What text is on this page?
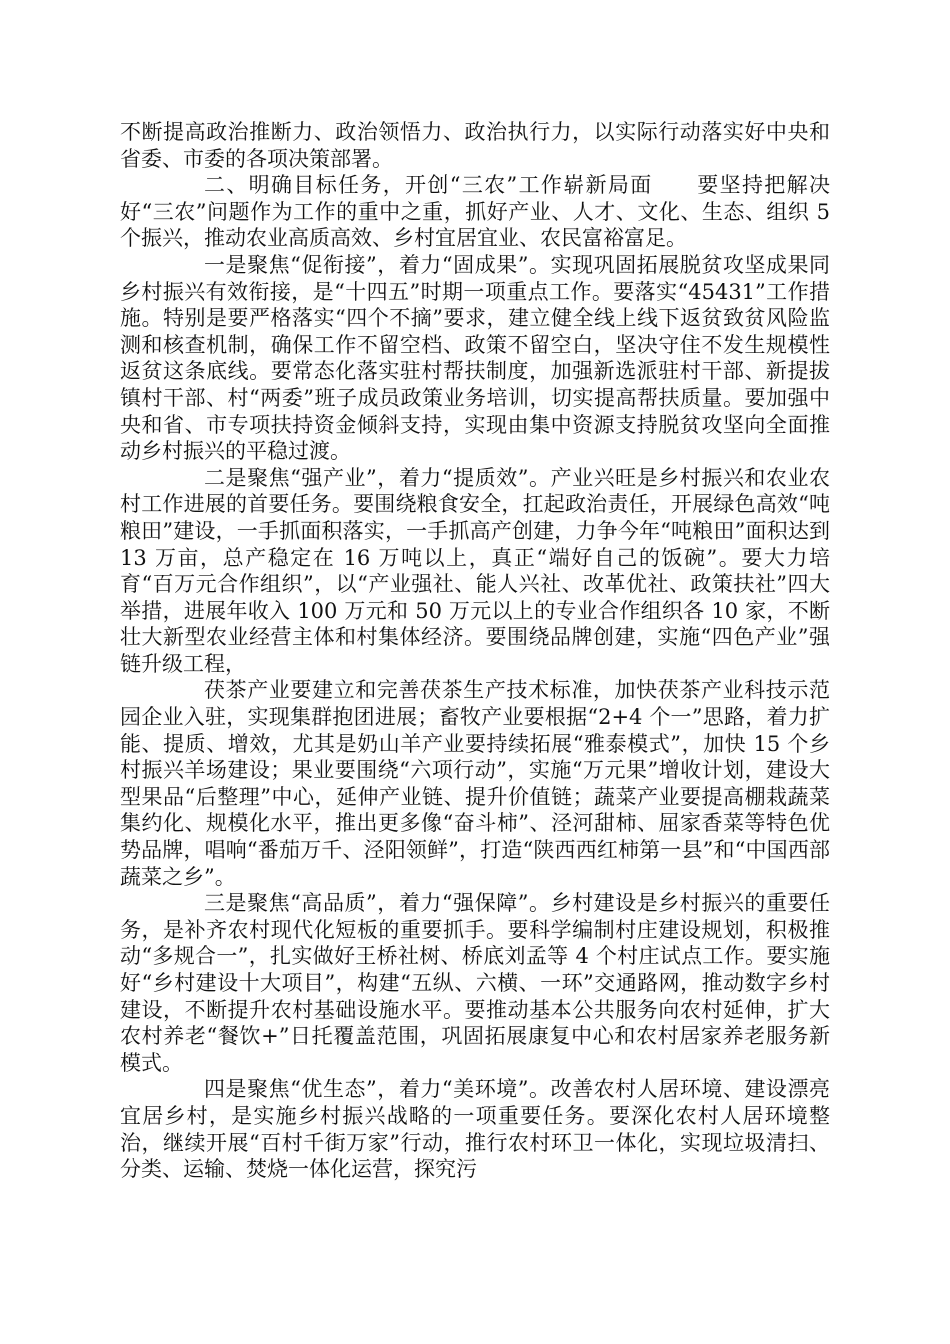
不断提高政治推断力、政治领悟力、政治执行力，以实际行动落实好中央和省委、市委的各项决策部署。

二、明确目标任务，开创“三农”工作崭新局面　　要坚持把解决好“三农”问题作为工作的重中之重，抓好产业、人才、文化、生态、组织 5 个振兴，推动农业高质高效、乡村宜居宜业、农民富裕富足。

一是聚焦“促衔接”，着力“固成果”。实现巩固拓展脱贫攻坚成果同乡村振兴有效衔接，是“十四五”时期一项重点工作。要落实“45431”工作措施。特别是要严格落实“四个不摘”要求，建立健全线上线下返贫致贫风险监测和核查机制，确保工作不留空档、政策不留空白，坚决守住不发生规模性返贫这条底线。要常态化落实驻村帮扶制度，加强新选派驻村干部、新提拔镇村干部、村“两委”班子成员政策业务培训，切实提高帮扶质量。要加强中央和省、市专项扶持资金倾斜支持，实现由集中资源支持脱贫攻坚向全面推动乡村振兴的平稳过渡。

二是聚焦“强产业”，着力“提质效”。产业兴旺是乡村振兴和农业农村工作进展的首要任务。要围绕粮食安全，扛起政治责任，开展绿色高效“吨粮田”建设，一手抓面积落实，一手抓高产创建，力争今年“吨粮田”面积达到 13 万亩，总产稳定在 16 万吨以上，真正“端好自己的饭碗”。要大力培育“百万元合作组织”，以“产业强社、能人兴社、改革优社、政策扶社”四大举措，进展年收入 100 万元和 50 万元以上的专业合作组织各 10 家，不断壮大新型农业经营主体和村集体经济。要围绕品牌创建，实施“四色产业”强链升级工程，

茯茶产业要建立和完善茯茶生产技术标准，加快茯茶产业科技示范园企业入驻，实现集群抱团进展；畜牧产业要根据“2+4 个一”思路，着力扩能、提质、增效，尤其是奶山羊产业要持续拓展“雅泰模式”，加快 15 个乡村振兴羊场建设；果业要围绕“六项行动”，实施“万元果”增收计划，建设大型果品“后整理”中心，延伸产业链、提升价值链；蔬菜产业要提高棚栽蔬菜集约化、规模化水平，推出更多像“奋斗柿”、泾河甜柿、屈家香菜等特色优势品牌，唱响“番茄万千、泾阳领鲜”，打造“陕西西红柿第一县”和“中国西部蔬菜之乡”。

三是聚焦“高品质”，着力“强保障”。乡村建设是乡村振兴的重要任务，是补齐农村现代化短板的重要抓手。要科学编制村庄建设规划，积极推动“多规合一”，扎实做好王桥社树、桥底刘孟等 4 个村庄试点工作。要实施好“乡村建设十大项目”，构建“五纵、六横、一环”交通路网，推动数字乡村建设，不断提升农村基础设施水平。要推动基本公共服务向农村延伸，扩大农村养老“餐饮+”日托覆盖范围，巩固拓展康复中心和农村居家养老服务新模式。

四是聚焦“优生态”，着力“美环境”。改善农村人居环境、建设漂亮宜居乡村，是实施乡村振兴战略的一项重要任务。要深化农村人居环境整治，继续开展“百村千街万家”行动，推行农村环卫一体化，实现垃圾清扫、分类、运输、焚烧一体化运营，探究污
